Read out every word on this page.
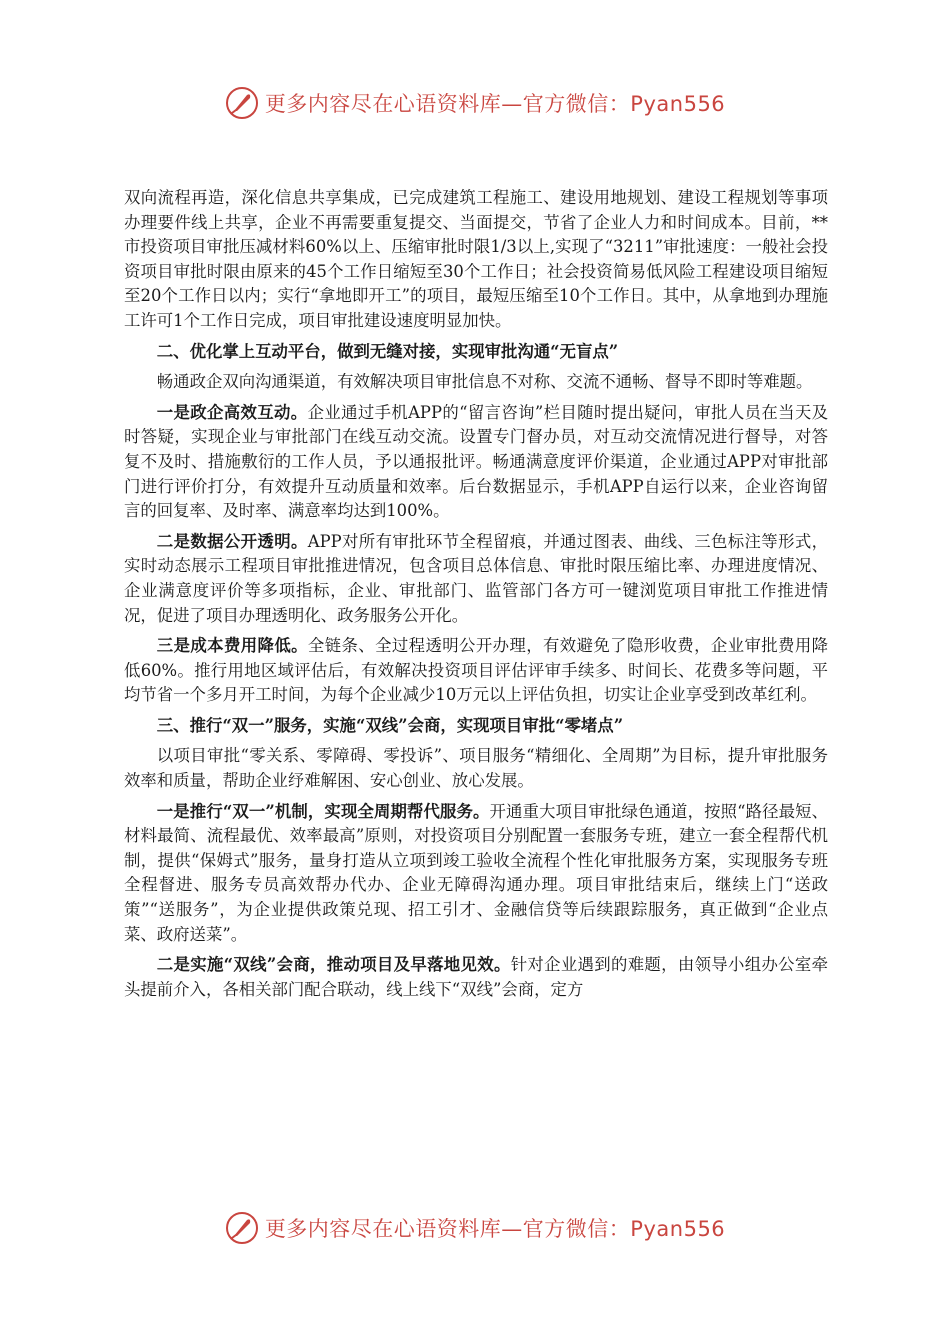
更多内容尽在心语资料库—官方微信：Pyan556

双向流程再造，深化信息共享集成，已完成建筑工程施工、建设用地规划、建设工程规划等事项办理要件线上共享，企业不再需要重复提交、当面提交，节省了企业人力和时间成本。目前，**市投资项目审批压减材料60%以上、压缩审批时限1/3以上,实现了“3211”审批速度：一般社会投资项目审批时限由原来的45个工作日缩短至30个工作日；社会投资简易低风险工程建设项目缩短至20个工作日以内；实行“拿地即开工”的项目，最短压缩至10个工作日。其中，从拿地到办理施工许可1个工作日完成，项目审批建设速度明显加快。

二、优化掌上互动平台，做到无缝对接，实现审批沟通“无盲点”

畅通政企双向沟通渠道，有效解决项目审批信息不对称、交流不通畅、督导不即时等难题。

一是政企高效互动。企业通过手机APP的“留言咨询”栏目随时提出疑问，审批人员在当天及时答疑，实现企业与审批部门在线互动交流。设置专门督办员，对互动交流情况进行督导，对答复不及时、措施敷衍的工作人员，予以通报批评。畅通满意度评价渠道，企业通过APP对审批部门进行评价打分，有效提升互动质量和效率。后台数据显示，手机APP自运行以来，企业咨询留言的回复率、及时率、满意率均达到100%。

二是数据公开透明。APP对所有审批环节全程留痕，并通过图表、曲线、三色标注等形式，实时动态展示工程项目审批推进情况，包含项目总体信息、审批时限压缩比率、办理进度情况、企业满意度评价等多项指标，企业、审批部门、监管部门各方可一键浏览项目审批工作推进情况，促进了项目办理透明化、政务服务公开化。

三是成本费用降低。全链条、全过程透明公开办理，有效避免了隐形收费，企业审批费用降低60%。推行用地区域评估后，有效解决投资项目评估评审手续多、时间长、花费多等问题，平均节省一个多月开工时间，为每个企业减少10万元以上评估负担，切实让企业享受到改革红利。

三、推行“双一”服务，实施“双线”会商，实现项目审批“零堵点”

以项目审批“零关系、零障碍、零投诉”、项目服务“精细化、全周期”为目标，提升审批服务效率和质量，帮助企业纾难解困、安心创业、放心发展。

一是推行“双一”机制，实现全周期帮代服务。开通重大项目审批绿色通道，按照“路径最短、材料最简、流程最优、效率最高”原则，对投资项目分别配置一套服务专班，建立一套全程帮代机制，提供“保姆式”服务，量身打造从立项到竣工验收全流程个性化审批服务方案，实现服务专班全程督进、服务专员高效帮办代办、企业无障碍沟通办理。项目审批结束后，继续上门“送政策”“送服务”，为企业提供政策兑现、招工引才、金融信贷等后续跟踪服务，真正做到“企业点菜、政府送菜”。

二是实施“双线”会商，推动项目及早落地见效。针对企业遇到的难题，由领导小组办公室牵头提前介入，各相关部门配合联动，线上线下“双线”会商，定方

更多内容尽在心语资料库—官方微信：Pyan556
